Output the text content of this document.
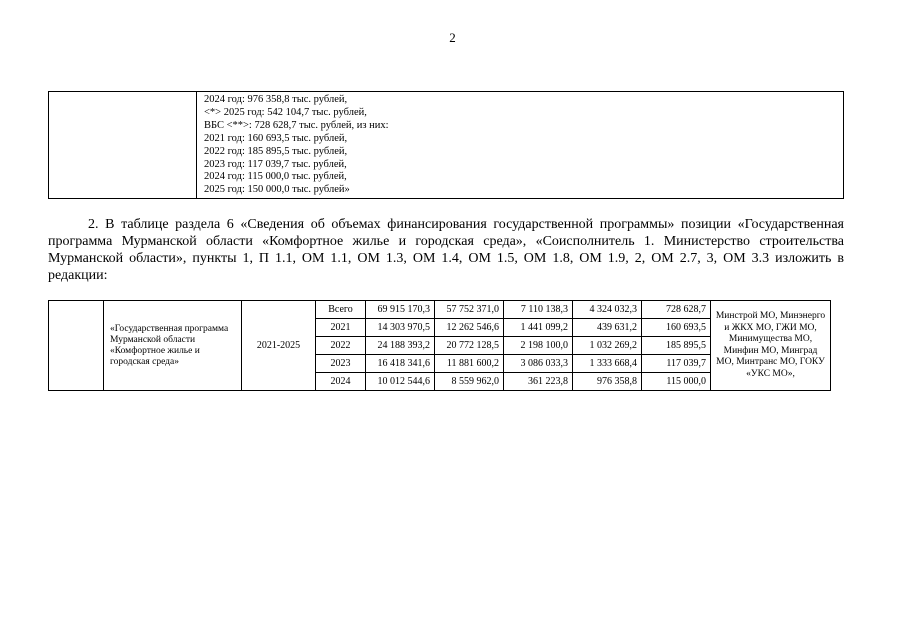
2
2024 год: 976 358,8 тыс. рублей,
<*> 2025 год: 542 104,7 тыс. рублей,
ВБС <**>: 728 628,7 тыс. рублей, из них:
2021 год: 160 693,5 тыс. рублей,
2022 год: 185 895,5 тыс. рублей,
2023 год: 117 039,7 тыс. рублей,
2024 год: 115 000,0 тыс. рублей,
2025 год: 150 000,0 тыс. рублей»
2. В таблице раздела 6 «Сведения об объемах финансирования государственной программы» позиции «Государственная программа Мурманской области «Комфортное жилье и городская среда», «Соисполнитель 1. Министерство строительства Мурманской области», пункты 1, П 1.1, ОМ 1.1, ОМ 1.3, ОМ 1.4, ОМ 1.5, ОМ 1.8, ОМ 1.9, 2, ОМ 2.7, 3, ОМ 3.3 изложить в редакции:
	«Государственная программа Мурманской области «Комфортное жилье и городская среда»	2021-2025	Всего	69 915 170,3	57 752 371,0	7 110 138,3	4 324 032,3	728 628,7	Минстрой МО, Минэнерго и ЖКХ МО, ГЖИ МО, Минимущества МО, Минфин МО, Минград МО, Минтранс МО, ГОКУ «УКС МО»,
			2021	14 303 970,5	12 262 546,6	1 441 099,2	439 631,2	160 693,5	
			2022	24 188 393,2	20 772 128,5	2 198 100,0	1 032 269,2	185 895,5	
			2023	16 418 341,6	11 881 600,2	3 086 033,3	1 333 668,4	117 039,7	
			2024	10 012 544,6	8 559 962,0	361 223,8	976 358,8	115 000,0	
